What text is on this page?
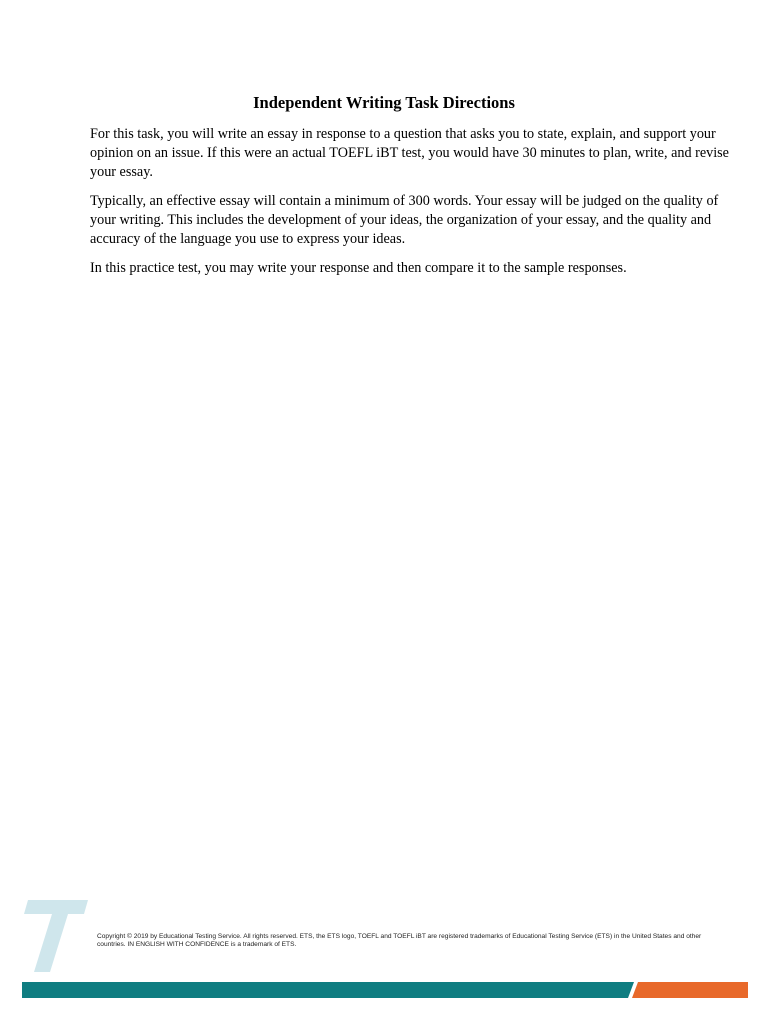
Independent Writing Task Directions

For this task, you will write an essay in response to a question that asks you to state, explain, and support your opinion on an issue. If this were an actual TOEFL iBT test, you would have 30 minutes to plan, write, and revise your essay.

Typically, an effective essay will contain a minimum of 300 words. Your essay will be judged on the quality of your writing. This includes the development of your ideas, the organization of your essay, and the quality and accuracy of the language you use to express your ideas.

In this practice test, you may write your response and then compare it to the sample responses.

Copyright © 2019 by Educational Testing Service. All rights reserved. ETS, the ETS logo, TOEFL and TOEFL iBT are registered trademarks of Educational Testing Service (ETS) in the United States and other countries. IN ENGLISH WITH CONFIDENCE is a trademark of ETS.
